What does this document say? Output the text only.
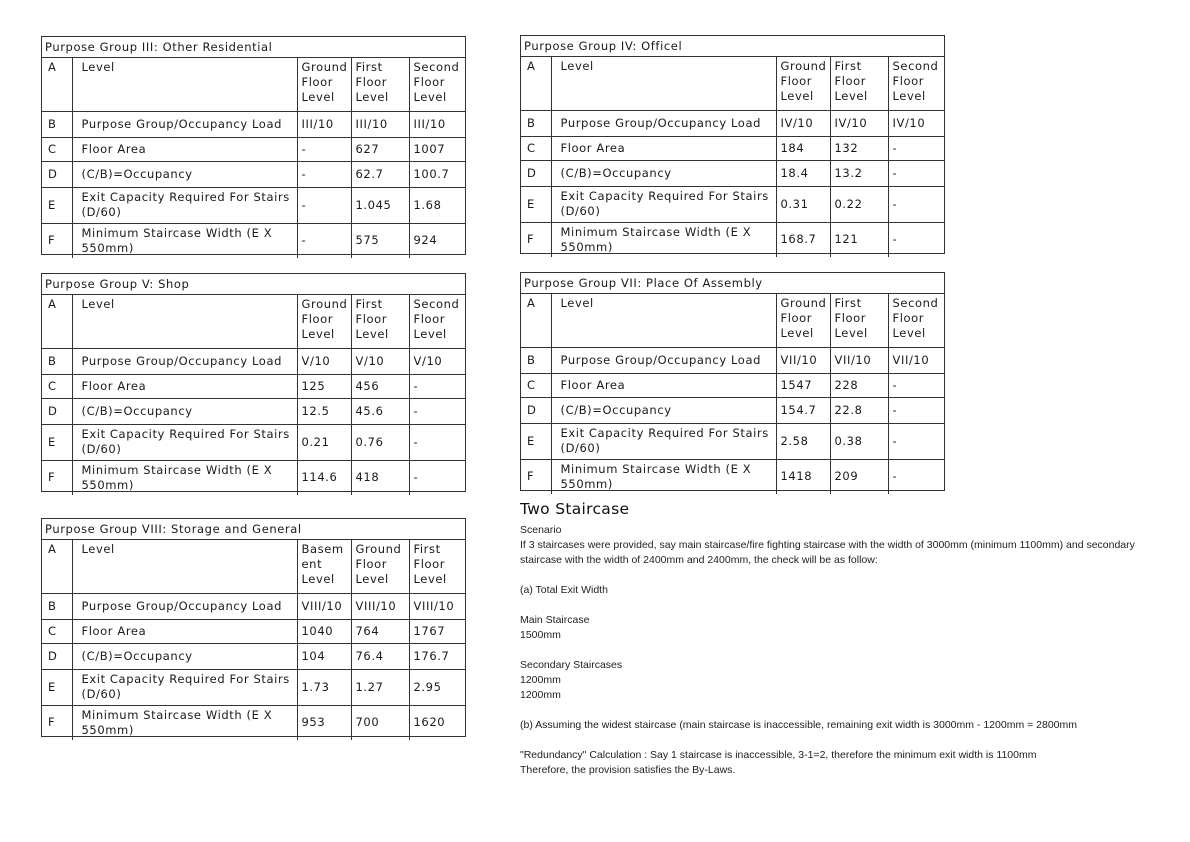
Purpose Group III: Other Residential
A	Level	Ground Floor Level	First Floor Level	Second Floor Level
B	Purpose Group/Occupancy Load	III/10	III/10	III/10
C	Floor Area	-	627	1007
D	(C/B)=Occupancy	-	62.7	100.7
E	Exit Capacity Required For Stairs (D/60)	-	1.045	1.68
F	Minimum Staircase Width (E X 550mm)	-	575	924
Purpose Group IV: Officel
A	Level	Ground Floor Level	First Floor Level	Second Floor Level
B	Purpose Group/Occupancy Load	IV/10	IV/10	IV/10
C	Floor Area	184	132	-
D	(C/B)=Occupancy	18.4	13.2	-
E	Exit Capacity Required For Stairs (D/60)	0.31	0.22	-
F	Minimum Staircase Width (E X 550mm)	168.7	121	-
Purpose Group V: Shop
A	Level	Ground Floor Level	First Floor Level	Second Floor Level
B	Purpose Group/Occupancy Load	V/10	V/10	V/10
C	Floor Area	125	456	-
D	(C/B)=Occupancy	12.5	45.6	-
E	Exit Capacity Required For Stairs (D/60)	0.21	0.76	-
F	Minimum Staircase Width (E X 550mm)	114.6	418	-
Purpose Group VII: Place Of Assembly
A	Level	Ground Floor Level	First Floor Level	Second Floor Level
B	Purpose Group/Occupancy Load	VII/10	VII/10	VII/10
C	Floor Area	1547	228	-
D	(C/B)=Occupancy	154.7	22.8	-
E	Exit Capacity Required For Stairs (D/60)	2.58	0.38	-
F	Minimum Staircase Width (E X 550mm)	1418	209	-
Purpose Group VIII: Storage and General
A	Level	Basem ent Level	Ground Floor Level	First Floor Level
B	Purpose Group/Occupancy Load	VIII/10	VIII/10	VIII/10
C	Floor Area	1040	764	1767
D	(C/B)=Occupancy	104	76.4	176.7
E	Exit Capacity Required For Stairs (D/60)	1.73	1.27	2.95
F	Minimum Staircase Width (E X 550mm)	953	700	1620
Two Staircase

Scenario

If 3 staircases were provided, say main staircase/fire fighting staircase with the width of 3000mm (minimum 1100mm) and secondary staircase with the width of 2400mm and 2400mm, the check will be as follow:

(a) Total Exit Width

Main Staircase

1500mm

Secondary Staircases

1200mm

1200mm

(b) Assuming the widest staircase (main staircase is inaccessible, remaining exit width is 3000mm - 1200mm = 2800mm

"Redundancy" Calculation : Say 1 staircase is inaccessible, 3-1=2, therefore the minimum exit width is 1100mm

Therefore, the provision satisfies the By-Laws.
